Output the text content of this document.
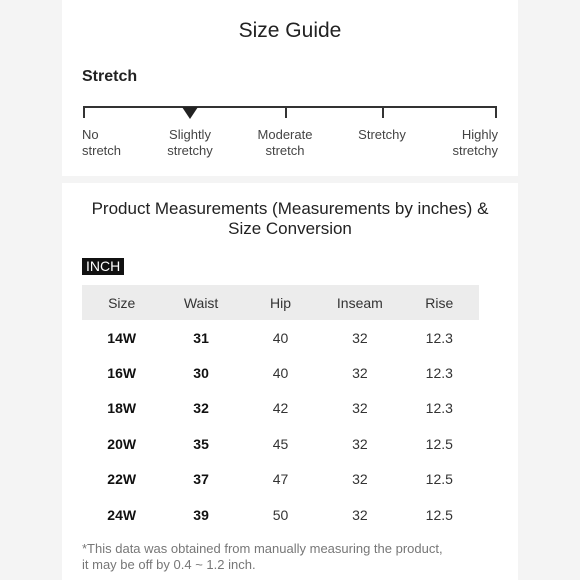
Size Guide
Stretch
No
stretch
Slightly
stretchy
Moderate
stretch
Stretchy	Highly
stretchy
Product Measurements (Measurements by inches) & Size Conversion
INCH
Size	Waist	Hip	Inseam	Rise
14W	31	40	32	12.3
16W	30	40	32	12.3
18W	32	42	32	12.3
20W	35	45	32	12.5
22W	37	47	32	12.5
24W	39	50	32	12.5
*This data was obtained from manually measuring the product,
it may be off by 0.4 ~ 1.2 inch.
